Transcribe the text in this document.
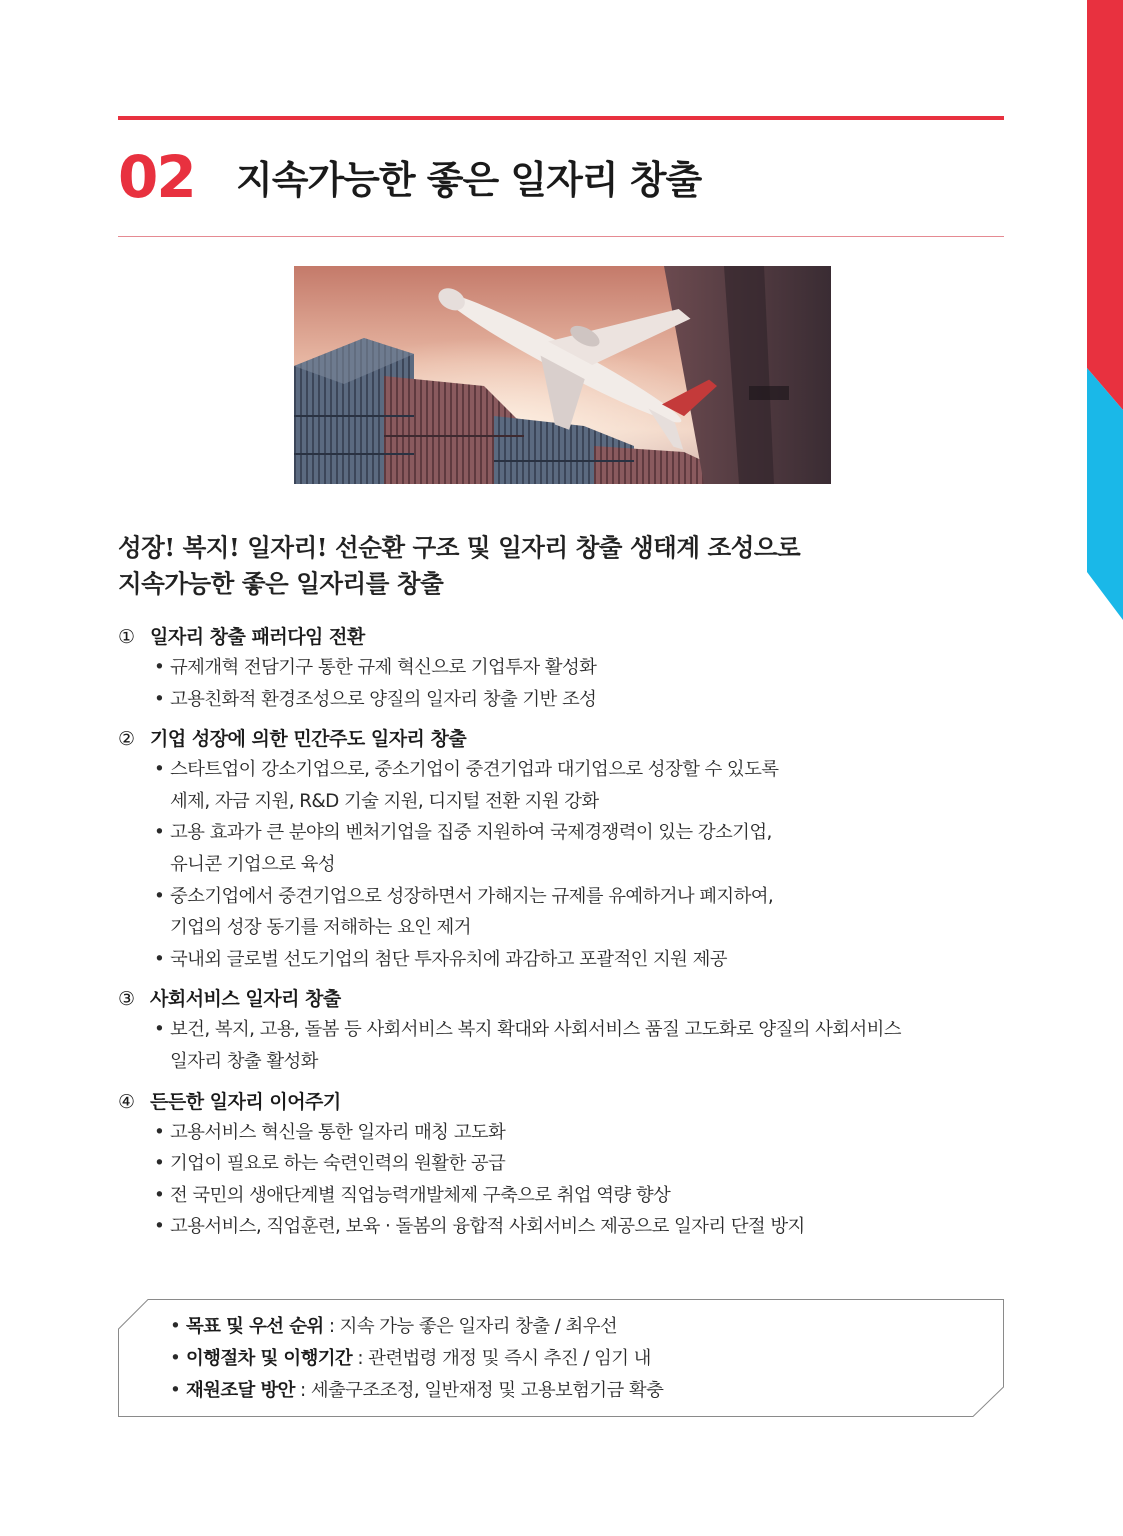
02 지속가능한 좋은 일자리 창출
성장! 복지! 일자리! 선순환 구조 및 일자리 창출 생태계 조성으로
지속가능한 좋은 일자리를 창출
① 일자리 창출 패러다임 전환
• 규제개혁 전담기구 통한 규제 혁신으로 기업투자 활성화
• 고용친화적 환경조성으로 양질의 일자리 창출 기반 조성
② 기업 성장에 의한 민간주도 일자리 창출
• 스타트업이 강소기업으로, 중소기업이 중견기업과 대기업으로 성장할 수 있도록
세제, 자금 지원, R&D 기술 지원, 디지털 전환 지원 강화
• 고용 효과가 큰 분야의 벤처기업을 집중 지원하여 국제경쟁력이 있는 강소기업,
유니콘 기업으로 육성
• 중소기업에서 중견기업으로 성장하면서 가해지는 규제를 유예하거나 폐지하여,
기업의 성장 동기를 저해하는 요인 제거
• 국내외 글로벌 선도기업의 첨단 투자유치에 과감하고 포괄적인 지원 제공
③ 사회서비스 일자리 창출
• 보건, 복지, 고용, 돌봄 등 사회서비스 복지 확대와 사회서비스 품질 고도화로 양질의 사회서비스
일자리 창출 활성화
④ 든든한 일자리 이어주기
• 고용서비스 혁신을 통한 일자리 매칭 고도화
• 기업이 필요로 하는 숙련인력의 원활한 공급
• 전 국민의 생애단계별 직업능력개발체제 구축으로 취업 역량 향상
• 고용서비스, 직업훈련, 보육 · 돌봄의 융합적 사회서비스 제공으로 일자리 단절 방지
• 목표 및 우선 순위 : 지속 가능 좋은 일자리 창출 / 최우선
• 이행절차 및 이행기간 : 관련법령 개정 및 즉시 추진 / 임기 내
• 재원조달 방안 : 세출구조조정, 일반재정 및 고용보험기금 확충
